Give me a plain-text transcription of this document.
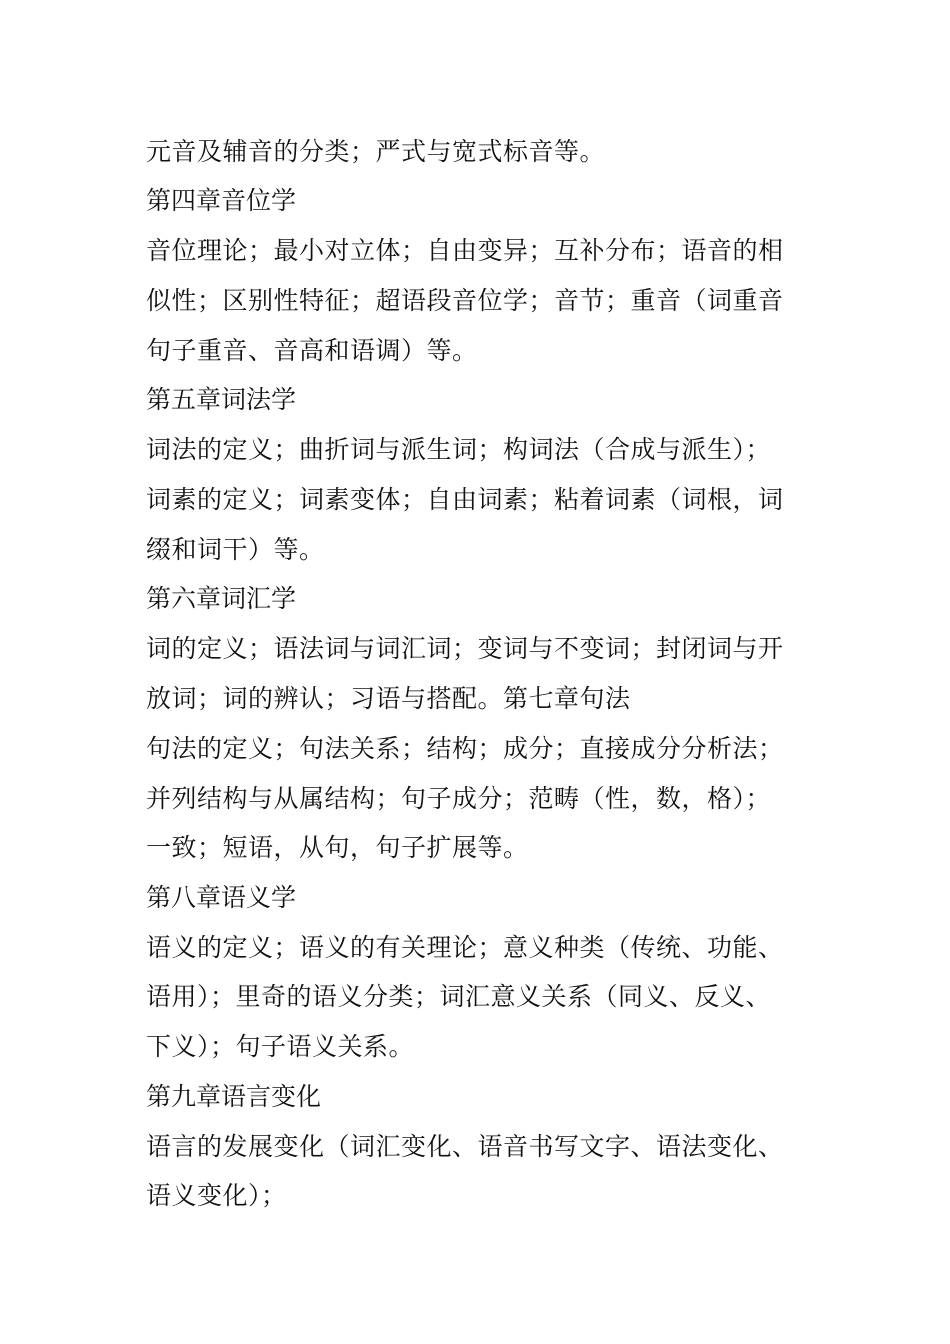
元音及辅音的分类；严式与宽式标音等。
第四章音位学
音位理论；最小对立体；自由变异；互补分布；语音的相
似性；区别性特征；超语段音位学；音节；重音（词重音
句子重音、音高和语调）等。
第五章词法学
词法的定义；曲折词与派生词；构词法（合成与派生）；
词素的定义；词素变体；自由词素；粘着词素（词根，词
缀和词干）等。
第六章词汇学
词的定义；语法词与词汇词；变词与不变词；封闭词与开
放词；词的辨认；习语与搭配。第七章句法
句法的定义；句法关系；结构；成分；直接成分分析法；
并列结构与从属结构；句子成分；范畴（性，数，格）；
一致；短语，从句，句子扩展等。
第八章语义学
语义的定义；语义的有关理论；意义种类（传统、功能、
语用）；里奇的语义分类；词汇意义关系（同义、反义、
下义）；句子语义关系。
第九章语言变化
语言的发展变化（词汇变化、语音书写文字、语法变化、
语义变化）；
